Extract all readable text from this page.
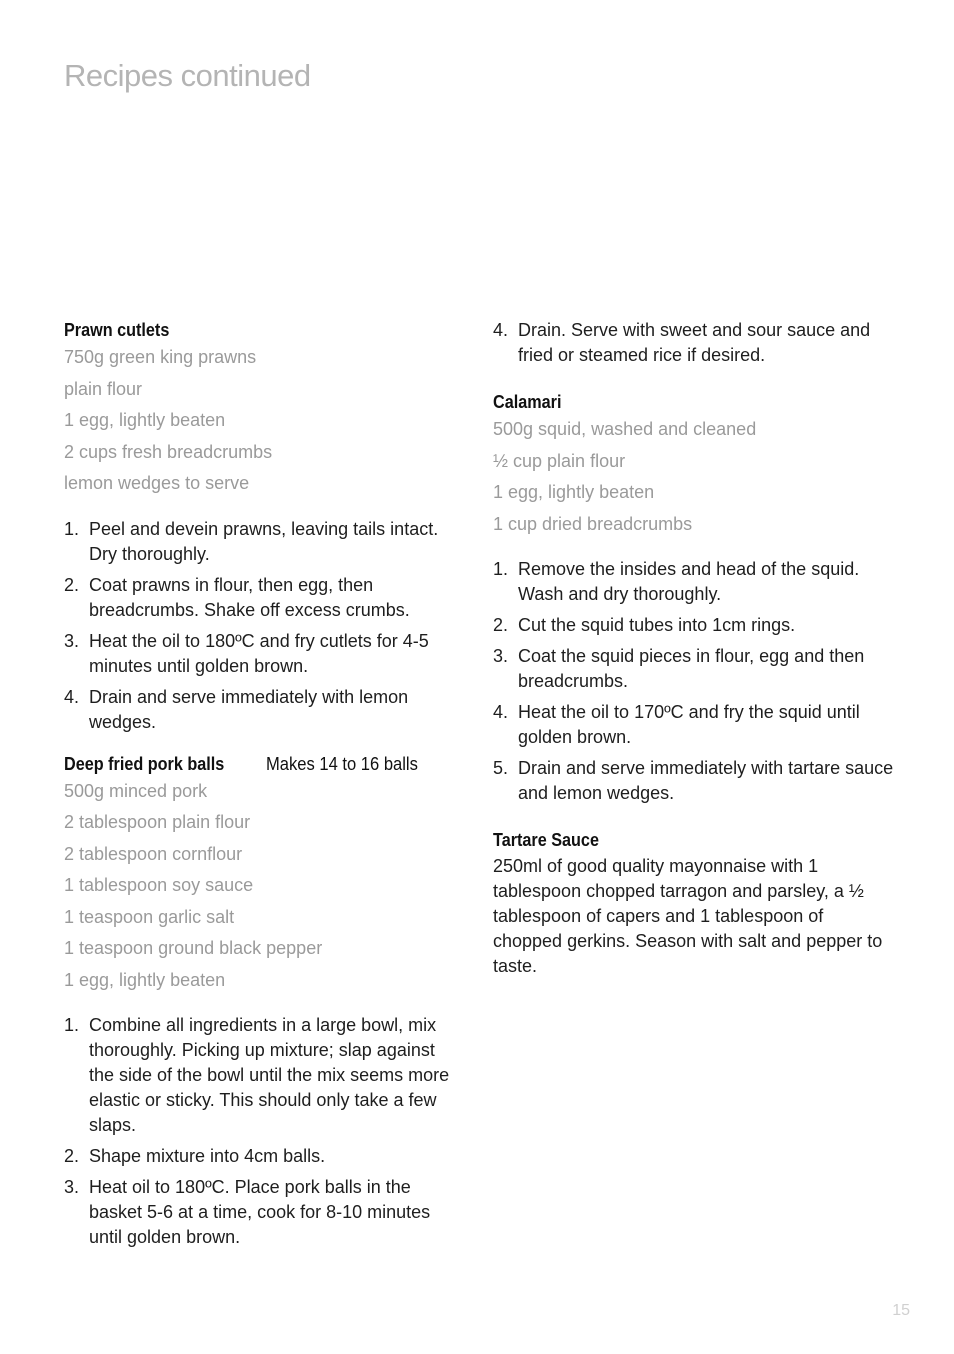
Recipes continued
Prawn cutlets
750g green king prawns
plain flour
1 egg, lightly beaten
2 cups fresh breadcrumbs
lemon wedges to serve
1. Peel and devein prawns, leaving tails intact. Dry thoroughly.
2. Coat prawns in flour, then egg, then breadcrumbs. Shake off excess crumbs.
3. Heat the oil to 180ºC and fry cutlets for 4-5 minutes until golden brown.
4. Drain and serve immediately with lemon wedges.
Deep fried pork balls Makes 14 to 16 balls
500g minced pork
2 tablespoon plain flour
2 tablespoon cornflour
1 tablespoon soy sauce
1 teaspoon garlic salt
1 teaspoon ground black pepper
1 egg, lightly beaten
1. Combine all ingredients in a large bowl, mix thoroughly. Picking up mixture; slap against the side of the bowl until the mix seems more elastic or sticky. This should only take a few slaps.
2. Shape mixture into 4cm balls.
3. Heat oil to 180ºC. Place pork balls in the basket 5-6 at a time, cook for 8-10 minutes until golden brown.
4. Drain. Serve with sweet and sour sauce and fried or steamed rice if desired.
Calamari
500g squid, washed and cleaned
½ cup plain flour
1 egg, lightly beaten
1 cup dried breadcrumbs
1. Remove the insides and head of the squid. Wash and dry thoroughly.
2. Cut the squid tubes into 1cm rings.
3. Coat the squid pieces in flour, egg and then breadcrumbs.
4. Heat the oil to 170ºC and fry the squid until golden brown.
5. Drain and serve immediately with tartare sauce and lemon wedges.
Tartare Sauce

250ml of good quality mayonnaise with 1 tablespoon chopped tarragon and parsley, a ½ tablespoon of capers and 1 tablespoon of chopped gerkins. Season with salt and pepper to taste.

15
